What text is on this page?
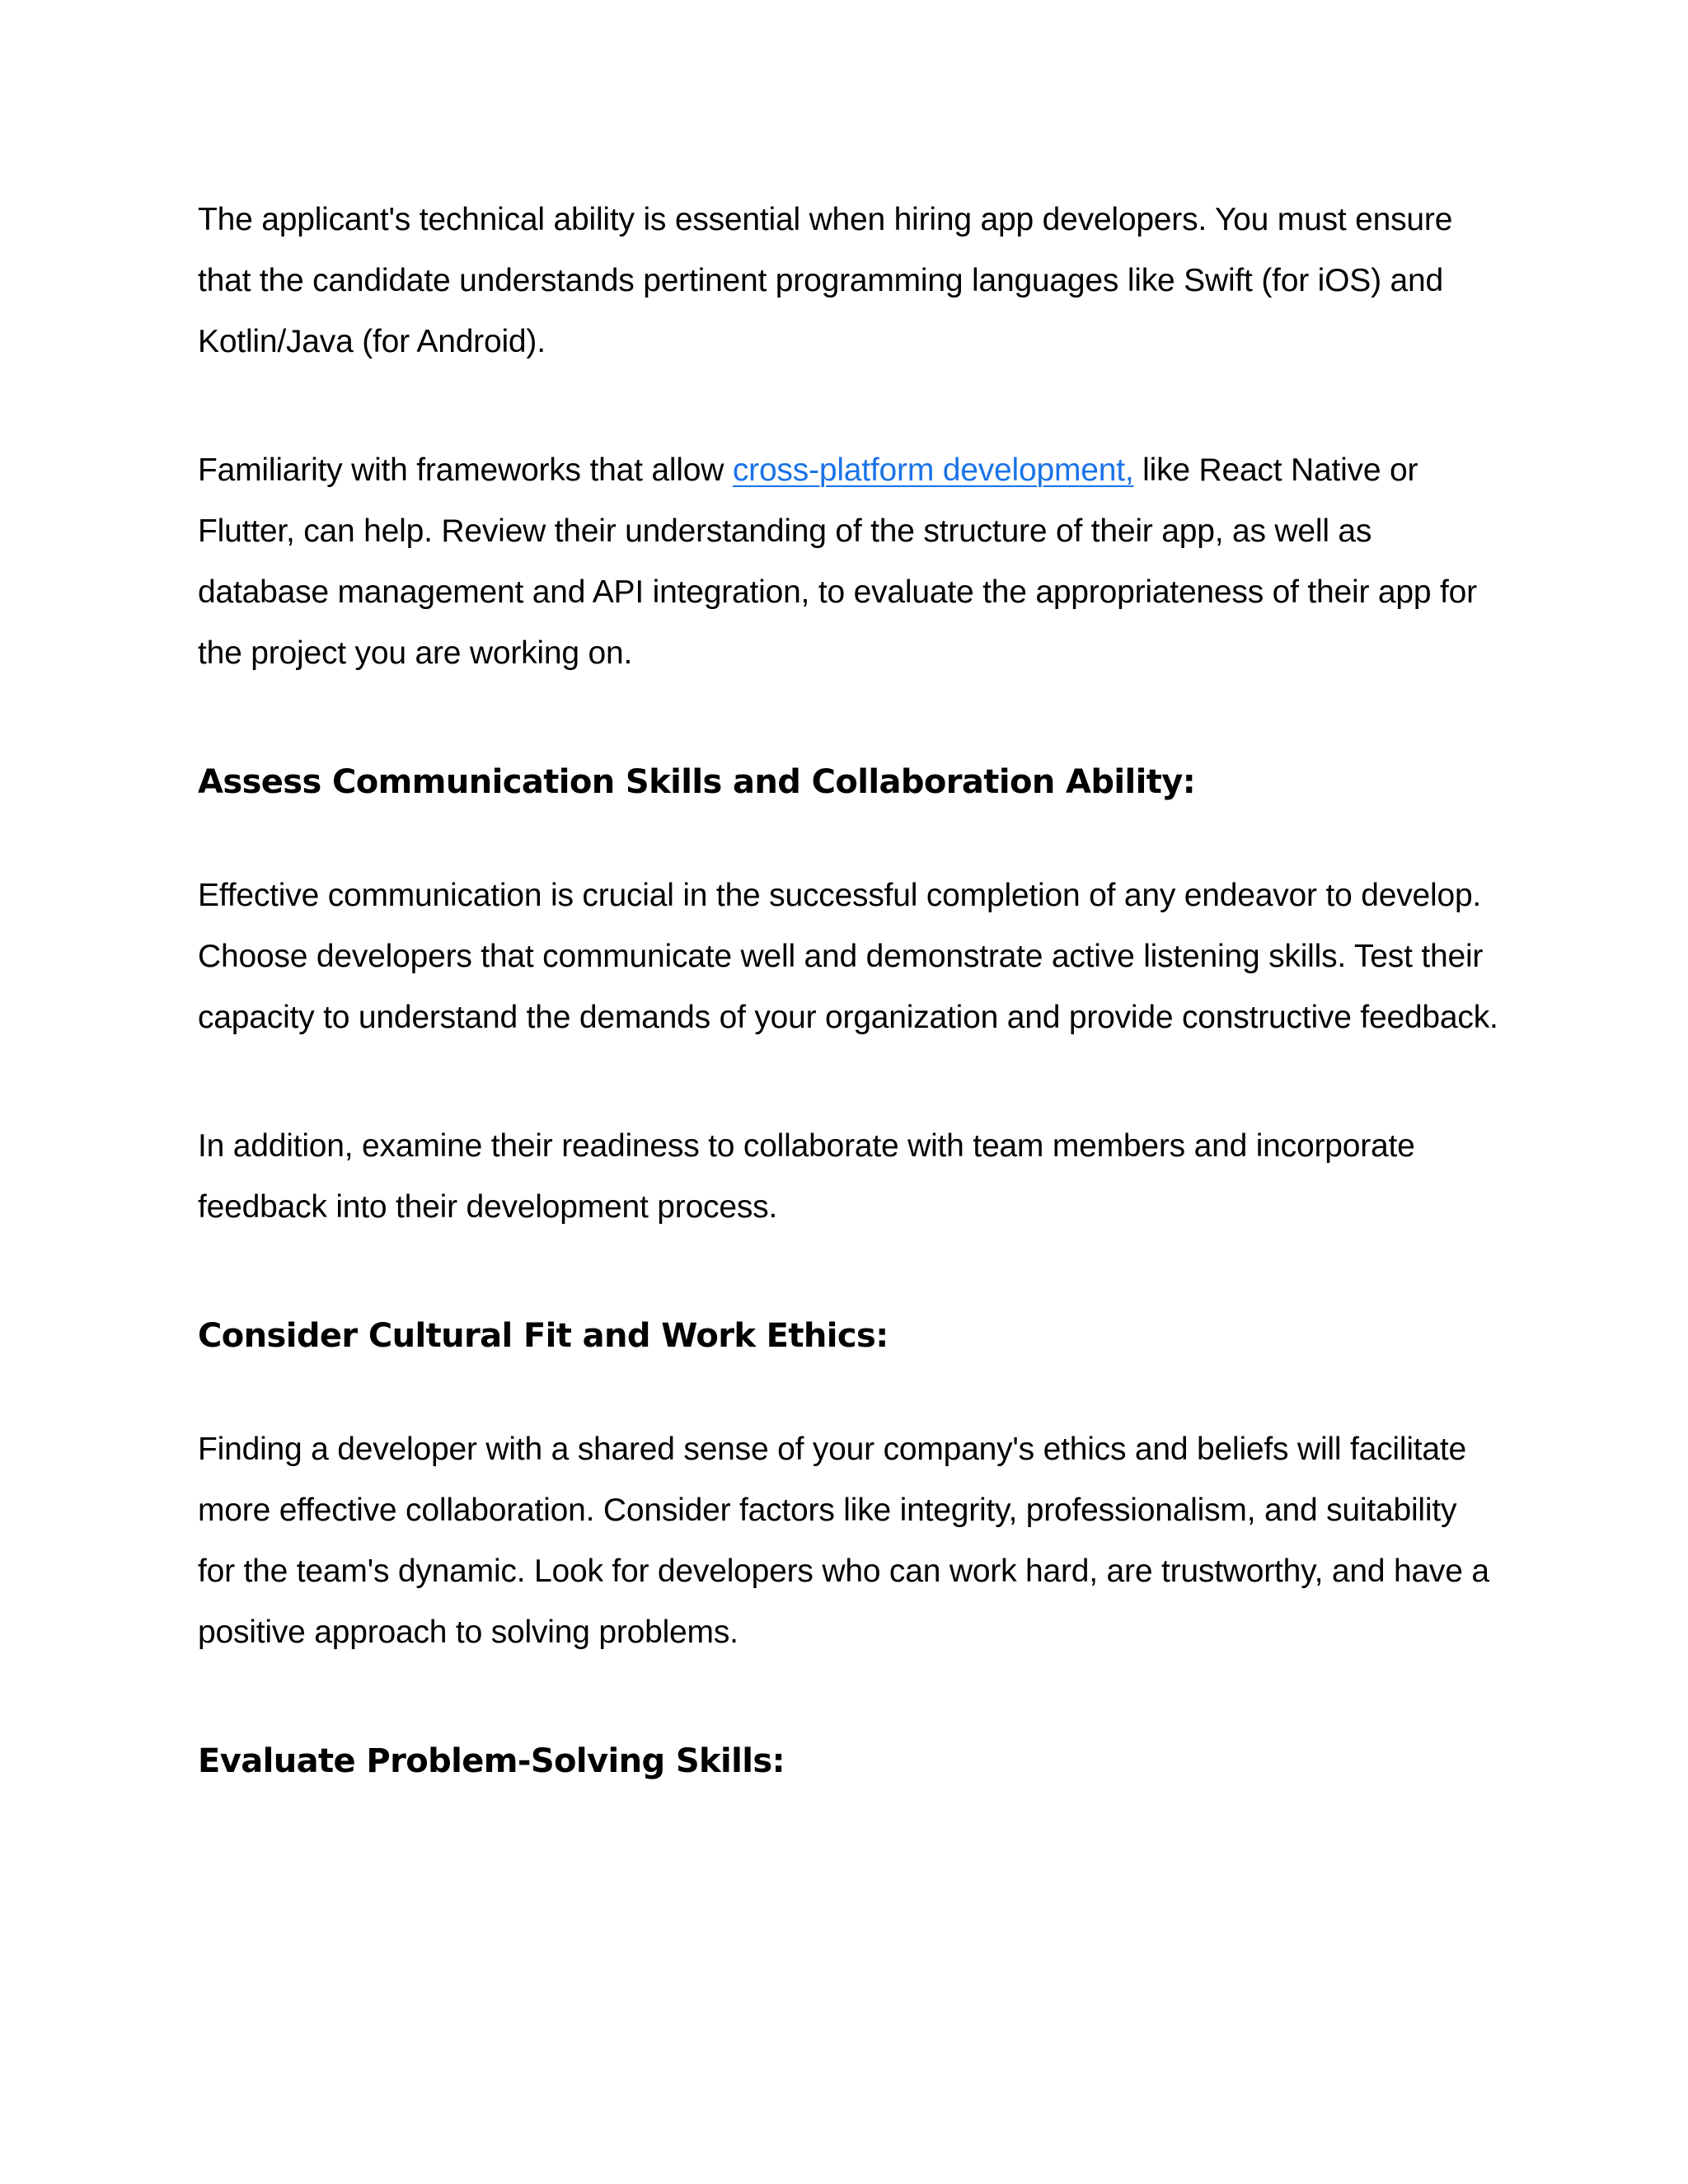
The applicant's technical ability is essential when hiring app developers. You must ensure that the candidate understands pertinent programming languages like Swift (for iOS) and Kotlin/Java (for Android).

Familiarity with frameworks that allow cross-platform development, like React Native or Flutter, can help. Review their understanding of the structure of their app, as well as database management and API integration, to evaluate the appropriateness of their app for the project you are working on.

Assess Communication Skills and Collaboration Ability:

Effective communication is crucial in the successful completion of any endeavor to develop. Choose developers that communicate well and demonstrate active listening skills. Test their capacity to understand the demands of your organization and provide constructive feedback.

In addition, examine their readiness to collaborate with team members and incorporate feedback into their development process.

Consider Cultural Fit and Work Ethics:

Finding a developer with a shared sense of your company's ethics and beliefs will facilitate more effective collaboration. Consider factors like integrity, professionalism, and suitability for the team's dynamic. Look for developers who can work hard, are trustworthy, and have a positive approach to solving problems.

Evaluate Problem-Solving Skills:
